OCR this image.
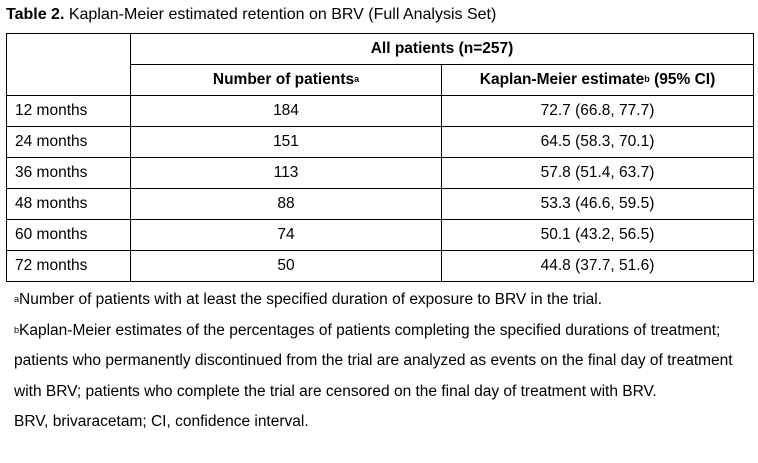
Table 2. Kaplan-Meier estimated retention on BRV (Full Analysis Set)
	All patients (n=257)	
	Number of patients$^a$	Kaplan-Meier estimate$^b$ (95% CI)
12 months	184	72.7 (66.8, 77.7)
24 months	151	64.5 (58.3, 70.1)
36 months	113	57.8 (51.4, 63.7)
48 months	88	53.3 (46.6, 59.5)
60 months	74	50.1 (43.2, 56.5)
72 months	50	44.8 (37.7, 51.6)

$^a$Number of patients with at least the specified duration of exposure to BRV in the trial.

$^b$Kaplan-Meier estimates of the percentages of patients completing the specified durations of treatment; patients who permanently discontinued from the trial are analyzed as events on the final day of treatment with BRV; patients who complete the trial are censored on the final day of treatment with BRV.

BRV, brivaracetam; CI, confidence interval.
